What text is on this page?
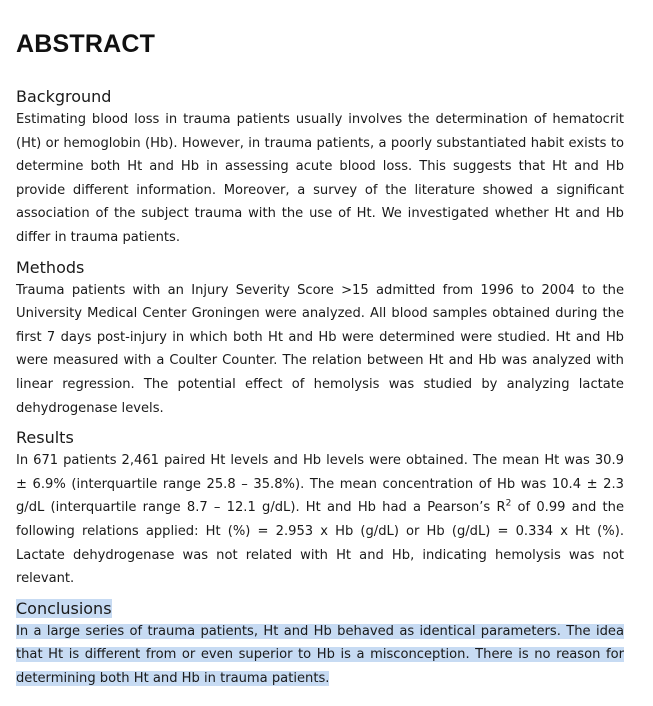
ABSTRACT
Background

Estimating blood loss in trauma patients usually involves the determination of hematocrit (Ht) or hemoglobin (Hb). However, in trauma patients, a poorly substantiated habit exists to determine both Ht and Hb in assessing acute blood loss. This suggests that Ht and Hb provide different information. Moreover, a survey of the literature showed a significant association of the subject trauma with the use of Ht. We investigated whether Ht and Hb differ in trauma patients.

Methods

Trauma patients with an Injury Severity Score >15 admitted from 1996 to 2004 to the University Medical Center Groningen were analyzed. All blood samples obtained during the first 7 days post-injury in which both Ht and Hb were determined were studied. Ht and Hb were measured with a Coulter Counter. The relation between Ht and Hb was analyzed with linear regression. The potential effect of hemolysis was studied by analyzing lactate dehydrogenase levels.

Results

In 671 patients 2,461 paired Ht levels and Hb levels were obtained. The mean Ht was 30.9 ± 6.9% (interquartile range 25.8 – 35.8%). The mean concentration of Hb was 10.4 ± 2.3 g/dL (interquartile range 8.7 – 12.1 g/dL). Ht and Hb had a Pearson’s $R^2$ of 0.99 and the following relations applied: Ht (%) = 2.953 x Hb (g/dL) or Hb (g/dL) = 0.334 x Ht (%). Lactate dehydrogenase was not related with Ht and Hb, indicating hemolysis was not relevant.

Conclusions

In a large series of trauma patients, Ht and Hb behaved as identical parameters. The idea that Ht is different from or even superior to Hb is a misconception. There is no reason for determining both Ht and Hb in trauma patients.
